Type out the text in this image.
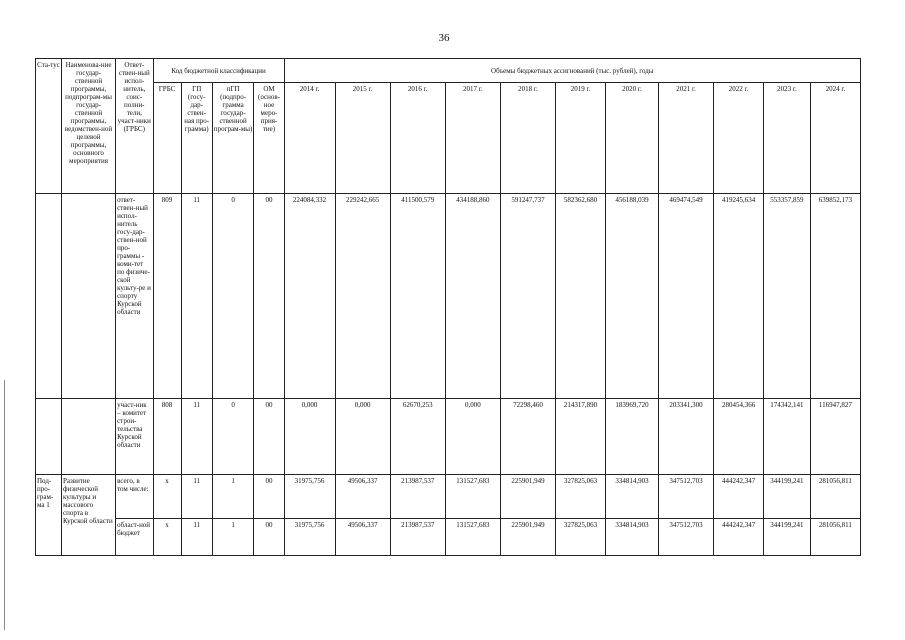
36
Ста-тус	Наименова-ние государ-ственной программы, подпрограм-мы государ-ственной программы, ведомствен-ной целевой программы, основного мероприятия	Ответ-ствен-ный испол-нитель, соис-полни-тели, участ-ники (ГРБС)	Код бюджетной классификации				Объемы бюджетных ассигнований (тыс. рублей), годы										
			ГРБС	ГП (госу-дар-ствен-ная про-грамма)	пГП (подпро-грамма государ-ственной програм-мы)	ОМ (основ-ное меро-прия-тие)	2014 г.	2015 г.	2016 г.	2017 г.	2018 г.	2019 г.	2020 г.	2021 г.	2022 г.	2023 г.	2024 г.
		ответ-ствен-ный испол-нитель госу-дар-ствен-ной про-граммы - коми-тет по физиче-ской культу-ре и спорту Курской области	809	11	0	00	224084,332	229242,665	411500,579	434188,860	591247,737	582362,680	456188,039	469474,549	419245,634	553357,859	639852,173
		участ-ник – комитет строи-тельства Курской области	808	11	0	00	0,000	0,000	62670,253	0,000	72298,460	214317,890	183969,720	203341,300	280454,366	174342,141	116947,827
Под-про-грам-ма 1	Развитие физической культуры и массового спорта в Курской области	всего, в том числе:	x	11	1	00	31975,756	49506,337	213987,537	131527,683	225901,949	327825,063	334814,903	347512,703	444242,347	344199,241	281056,811
		област-ной бюджет	x	11	1	00	31975,756	49506,337	213987,537	131527,683	225901,949	327825,063	334814,903	347512,703	444242,347	344199,241	281056,811
